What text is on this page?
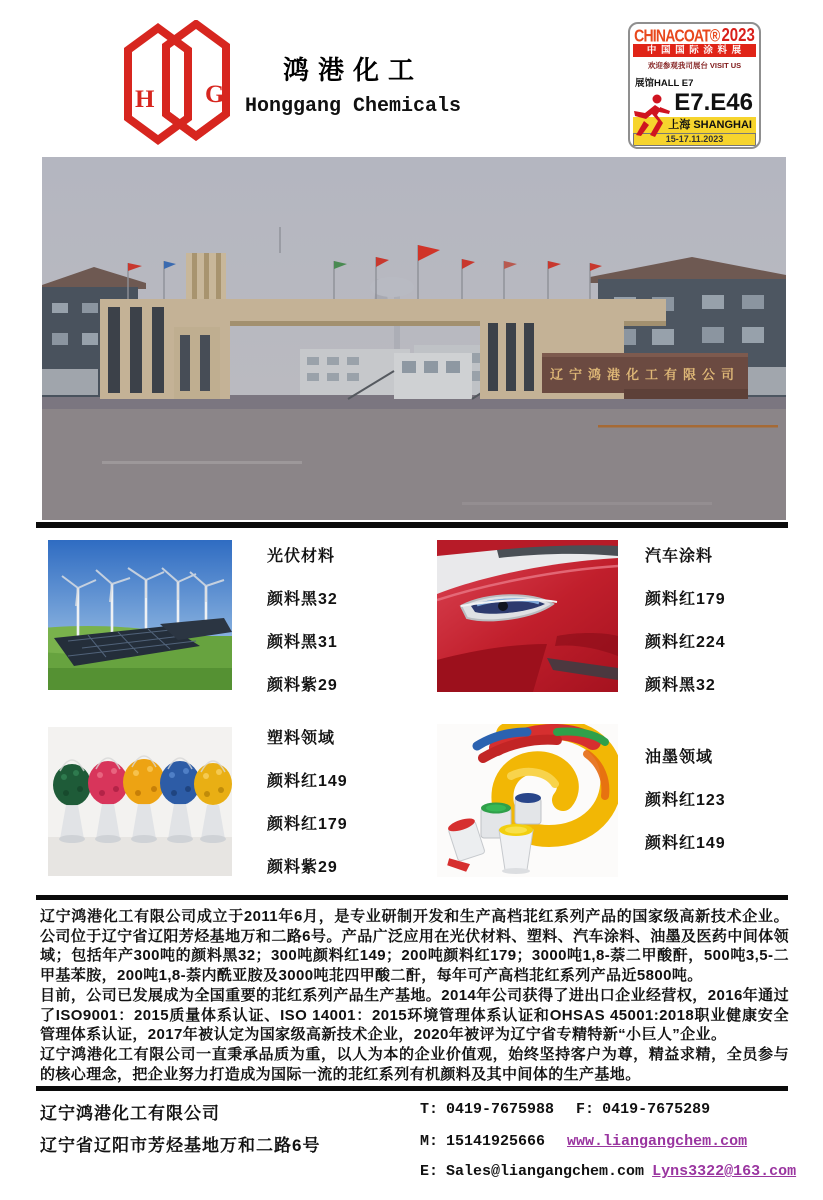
H G
鸿港化工
Honggang Chemicals
CHINACOAT® 2023
中 国 国 际 涂 料 展
欢迎参观我司展台 VISIT US
展馆HALL E7
E7.E46
上海 SHANGHAI
15-17.11.2023
辽宁鸿港化工有限公司
光伏材料
颜料黑32
颜料黑31
颜料紫29
汽车涂料
颜料红179
颜料红224
颜料黑32
塑料领域
颜料红149
颜料红179
颜料紫29
油墨领域
颜料红123
颜料红149
辽宁鸿港化工有限公司成立于2011年6月，是专业研制开发和生产高档苝红系列产品的国家级高新技术企业。公司位于辽宁省辽阳芳烃基地万和二路6号。产品广泛应用在光伏材料、塑料、汽车涂料、油墨及医药中间体领域；包括年产300吨的颜料黑32；300吨颜料红149；200吨颜料红179；3000吨1,8-萘二甲酸酐，500吨3,5-二甲基苯胺，200吨1,8-萘内酰亚胺及3000吨苝四甲酸二酐，每年可产高档苝红系列产品近5800吨。
目前，公司已发展成为全国重要的苝红系列产品生产基地。2014年公司获得了进出口企业经营权，2016年通过了ISO9001：2015质量体系认证、ISO 14001：2015环境管理体系认证和OHSAS 45001:2018职业健康安全管理体系认证，2017年被认定为国家级高新技术企业，2020年被评为辽宁省专精特新“小巨人”企业。
辽宁鸿港化工有限公司一直秉承品质为重，以人为本的企业价值观，始终坚持客户为尊，精益求精，全员参与的核心理念，把企业努力打造成为国际一流的苝红系列有机颜料及其中间体的生产基地。
辽宁鸿港化工有限公司
辽宁省辽阳市芳烃基地万和二路6号
T: 0419-7675988 F: 0419-7675289
M: 15141925666 www.liangangchem.com
E: Sales@liangangchem.com Lyns3322@163.com
